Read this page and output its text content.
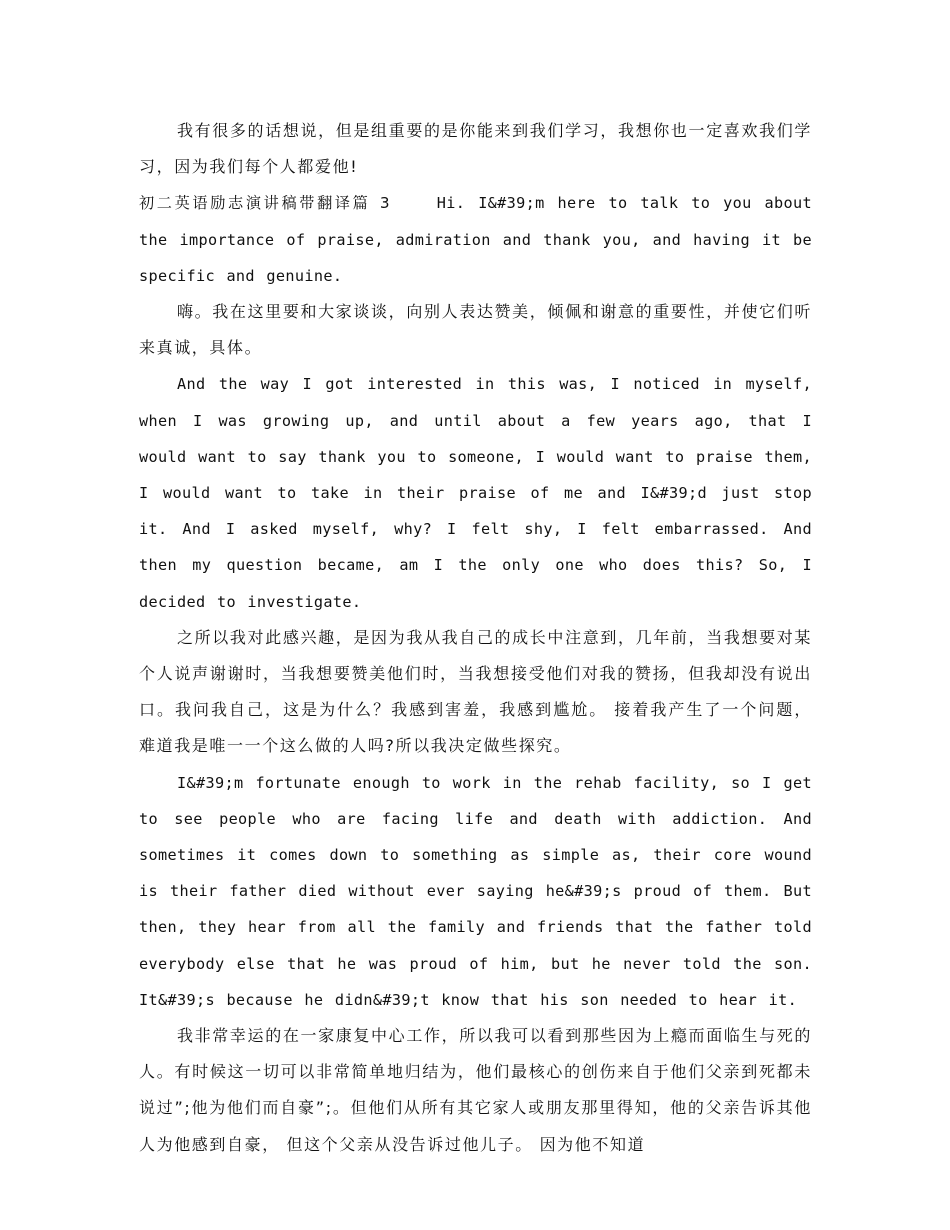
我有很多的话想说，但是组重要的是你能来到我们学习，我想你也一定喜欢我们学习，因为我们每个人都爱他!

初二英语励志演讲稿带翻译篇 3	Hi. I&#39;m here to talk to you about the importance of praise, admiration and thank you, and having it be specific and genuine.

嗨。我在这里要和大家谈谈，向别人表达赞美，倾佩和谢意的重要性，并使它们听来真诚，具体。

And the way I got interested in this was, I noticed in myself, when I was growing up, and until about a few years ago, that I would want to say thank you to someone, I would want to praise them, I would want to take in their praise of me and I&#39;d just stop it. And I asked myself, why? I felt shy, I felt embarrassed. And then my question became, am I the only one who does this? So, I decided to investigate.

之所以我对此感兴趣，是因为我从我自己的成长中注意到，几年前，当我想要对某个人说声谢谢时，当我想要赞美他们时，当我想接受他们对我的赞扬，但我却没有说出口。我问我自己，这是为什么？我感到害羞，我感到尴尬。 接着我产生了一个问题，难道我是唯一一个这么做的人吗?所以我决定做些探究。

I&#39;m fortunate enough to work in the rehab facility, so I get to see people who are facing life and death with addiction. And sometimes it comes down to something as simple as, their core wound is their father died without ever saying he&#39;s proud of them. But then, they hear from all the family and friends that the father told everybody else that he was proud of him, but he never told the son. It&#39;s because he didn&#39;t know that his son needed to hear it.

我非常幸运的在一家康复中心工作，所以我可以看到那些因为上瘾而面临生与死的人。有时候这一切可以非常简单地归结为，他们最核心的创伤来自于他们父亲到死都未说过”;他为他们而自豪”;。但他们从所有其它家人或朋友那里得知，他的父亲告诉其他人为他感到自豪， 但这个父亲从没告诉过他儿子。 因为他不知道
